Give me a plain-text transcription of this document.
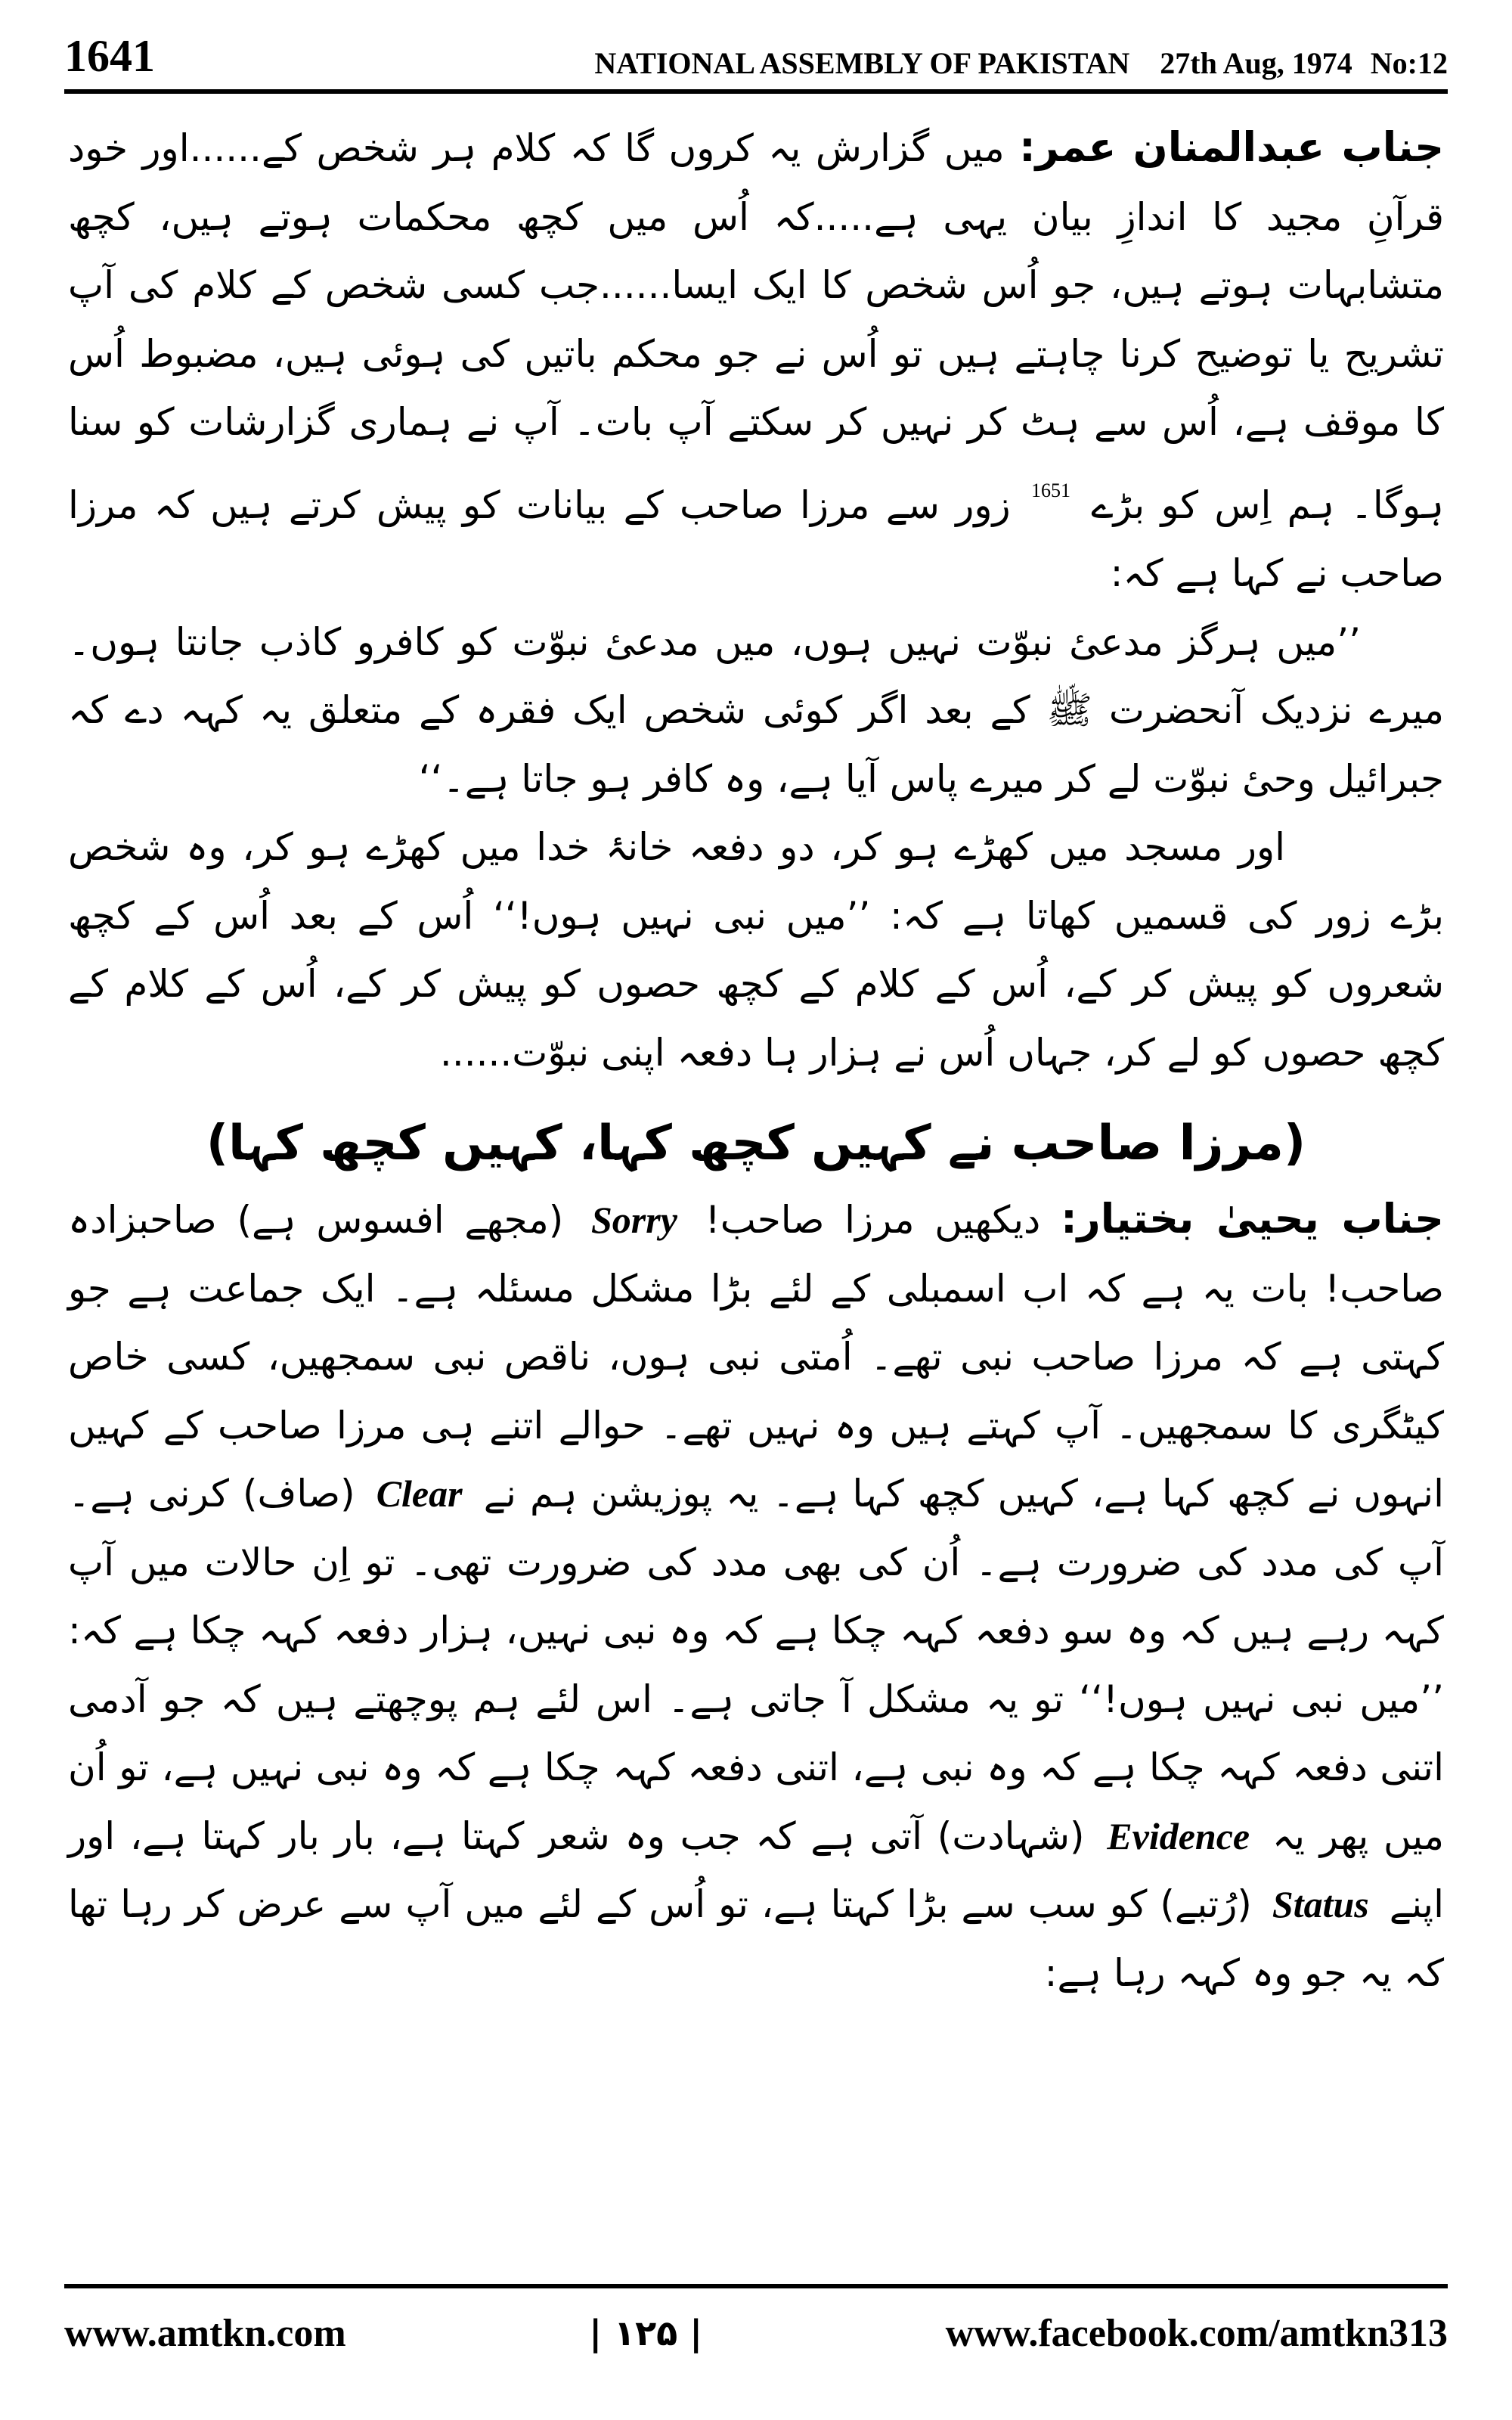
1641	NATIONAL ASSEMBLY OF PAKISTAN 27th Aug, 1974 No:12

جناب عبدالمنان عمر: میں گزارش یہ کروں گا کہ کلام ہر شخص کے......اور خود قرآنِ مجید کا اندازِ بیان یہی ہے.....کہ اُس میں کچھ محکمات ہوتے ہیں، کچھ متشابہات ہوتے ہیں، جو اُس شخص کا ایک ایسا......جب کسی شخص کے کلام کی آپ تشریح یا توضیح کرنا چاہتے ہیں تو اُس نے جو محکم باتیں کی ہوئی ہیں، مضبوط اُس کا موقف ہے، اُس سے ہٹ کر نہیں کر سکتے آپ بات۔ آپ نے ہماری گزارشات کو سنا ہوگا۔ ہم اِس کو بڑے $^{1651}$ زور سے مرزا صاحب کے بیانات کو پیش کرتے ہیں کہ مرزا صاحب نے کہا ہے کہ:

’’میں ہرگز مدعیٔ نبوّت نہیں ہوں، میں مدعیٔ نبوّت کو کافرو کاذب جانتا ہوں۔ میرے نزدیک آنحضرت ﷺ کے بعد اگر کوئی شخص ایک فقرہ کے متعلق یہ کہہ دے کہ جبرائیل وحیٔ نبوّت لے کر میرے پاس آیا ہے، وہ کافر ہو جاتا ہے۔‘‘

اور مسجد میں کھڑے ہو کر، دو دفعہ خانۂ خدا میں کھڑے ہو کر، وہ شخص بڑے زور کی قسمیں کھاتا ہے کہ: ’’میں نبی نہیں ہوں!‘‘ اُس کے بعد اُس کے کچھ شعروں کو پیش کر کے، اُس کے کلام کے کچھ حصوں کو پیش کر کے، اُس کے کلام کے کچھ حصوں کو لے کر، جہاں اُس نے ہزار ہا دفعہ اپنی نبوّت......

(مرزا صاحب نے کہیں کچھ کہا، کہیں کچھ کہا)

جناب یحییٰ بختیار: دیکھیں مرزا صاحب! Sorry (مجھے افسوس ہے) صاحبزادہ صاحب! بات یہ ہے کہ اب اسمبلی کے لئے بڑا مشکل مسئلہ ہے۔ ایک جماعت ہے جو کہتی ہے کہ مرزا صاحب نبی تھے۔ اُمتی نبی ہوں، ناقص نبی سمجھیں، کسی خاص کیٹگری کا سمجھیں۔ آپ کہتے ہیں وہ نہیں تھے۔ حوالے اتنے ہی مرزا صاحب کے کہیں انہوں نے کچھ کہا ہے، کہیں کچھ کہا ہے۔ یہ پوزیشن ہم نے Clear (صاف) کرنی ہے۔ آپ کی مدد کی ضرورت ہے۔ اُن کی بھی مدد کی ضرورت تھی۔ تو اِن حالات میں آپ کہہ رہے ہیں کہ وہ سو دفعہ کہہ چکا ہے کہ وہ نبی نہیں، ہزار دفعہ کہہ چکا ہے کہ: ’’میں نبی نہیں ہوں!‘‘ تو یہ مشکل آ جاتی ہے۔ اس لئے ہم پوچھتے ہیں کہ جو آدمی اتنی دفعہ کہہ چکا ہے کہ وہ نبی ہے، اتنی دفعہ کہہ چکا ہے کہ وہ نبی نہیں ہے، تو اُن میں پھر یہ Evidence (شہادت) آتی ہے کہ جب وہ شعر کہتا ہے، بار بار کہتا ہے، اور اپنے Status (رُتبے) کو سب سے بڑا کہتا ہے، تو اُس کے لئے میں آپ سے عرض کر رہا تھا کہ یہ جو وہ کہہ رہا ہے:

www.amtkn.com	| ۱۲۵ |	www.facebook.com/amtkn313
